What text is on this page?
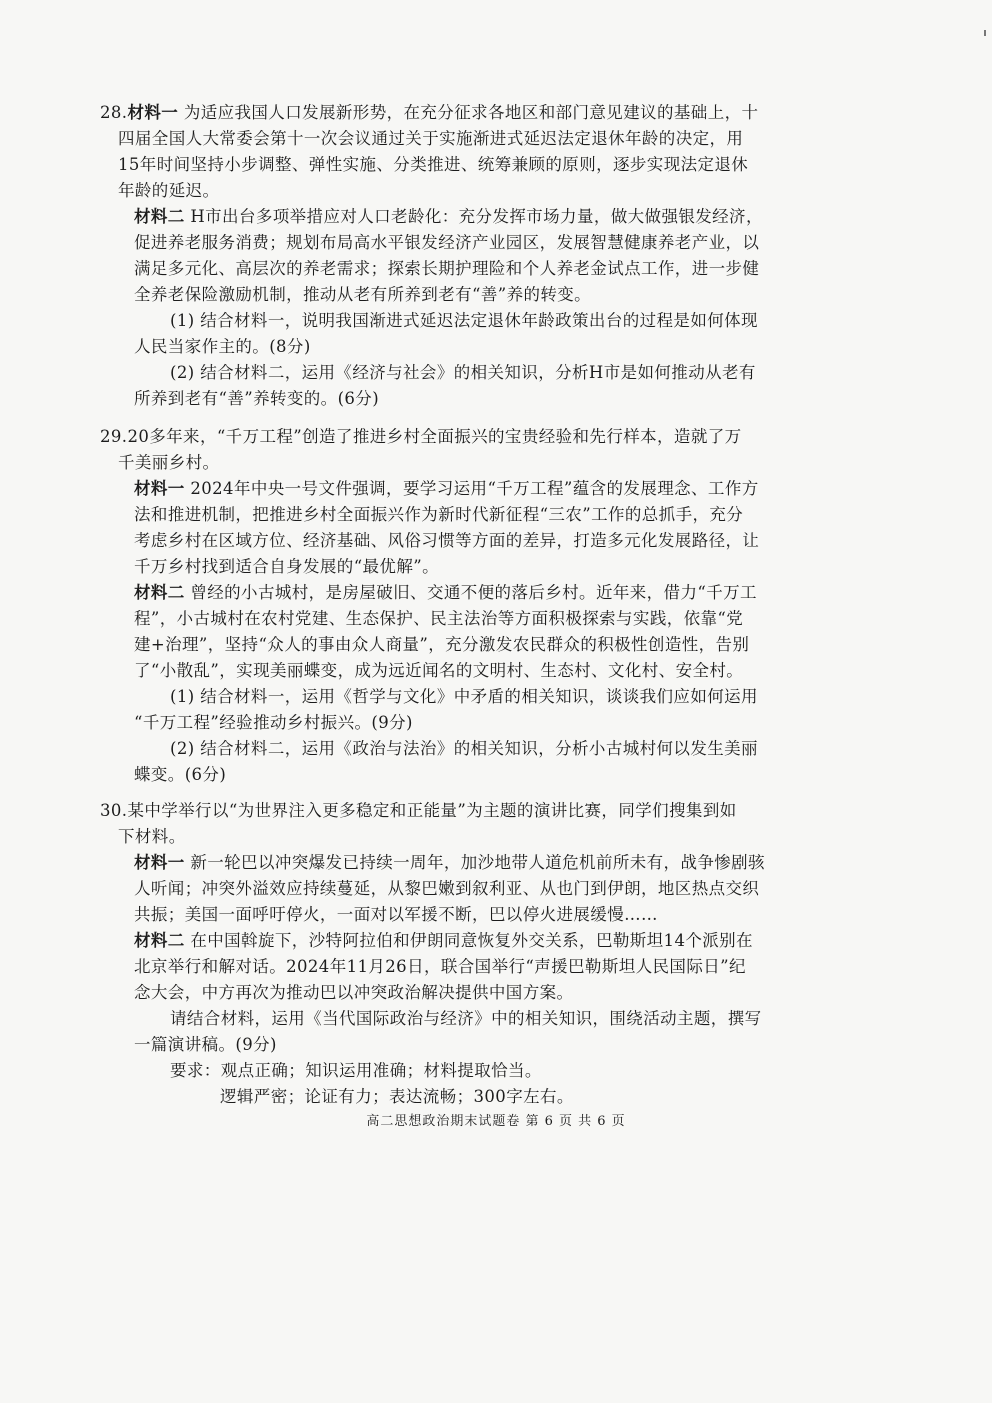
28.材料一 为适应我国人口发展新形势，在充分征求各地区和部门意见建议的基础上，十
四届全国人大常委会第十一次会议通过关于实施渐进式延迟法定退休年龄的决定，用
15年时间坚持小步调整、弹性实施、分类推进、统筹兼顾的原则，逐步实现法定退休
年龄的延迟。
材料二 H市出台多项举措应对人口老龄化：充分发挥市场力量，做大做强银发经济，
促进养老服务消费；规划布局高水平银发经济产业园区，发展智慧健康养老产业，以
满足多元化、高层次的养老需求；探索长期护理险和个人养老金试点工作，进一步健
全养老保险激励机制，推动从老有所养到老有“善”养的转变。
(1) 结合材料一，说明我国渐进式延迟法定退休年龄政策出台的过程是如何体现
人民当家作主的。(8分)
(2) 结合材料二，运用《经济与社会》的相关知识，分析H市是如何推动从老有
所养到老有“善”养转变的。(6分)
29.20多年来，“千万工程”创造了推进乡村全面振兴的宝贵经验和先行样本，造就了万
千美丽乡村。
材料一 2024年中央一号文件强调，要学习运用“千万工程”蕴含的发展理念、工作方
法和推进机制，把推进乡村全面振兴作为新时代新征程“三农”工作的总抓手，充分
考虑乡村在区域方位、经济基础、风俗习惯等方面的差异，打造多元化发展路径，让
千万乡村找到适合自身发展的“最优解”。
材料二 曾经的小古城村，是房屋破旧、交通不便的落后乡村。近年来，借力“千万工
程”，小古城村在农村党建、生态保护、民主法治等方面积极探索与实践，依靠“党
建+治理”，坚持“众人的事由众人商量”，充分激发农民群众的积极性创造性，告别
了“小散乱”，实现美丽蝶变，成为远近闻名的文明村、生态村、文化村、安全村。
(1) 结合材料一，运用《哲学与文化》中矛盾的相关知识，谈谈我们应如何运用
“千万工程”经验推动乡村振兴。(9分)
(2) 结合材料二，运用《政治与法治》的相关知识，分析小古城村何以发生美丽
蝶变。(6分)
30.某中学举行以“为世界注入更多稳定和正能量”为主题的演讲比赛，同学们搜集到如
下材料。
材料一 新一轮巴以冲突爆发已持续一周年，加沙地带人道危机前所未有，战争惨剧骇
人听闻；冲突外溢效应持续蔓延，从黎巴嫩到叙利亚、从也门到伊朗，地区热点交织
共振；美国一面呼吁停火，一面对以军援不断，巴以停火进展缓慢……
材料二 在中国斡旋下，沙特阿拉伯和伊朗同意恢复外交关系，巴勒斯坦14个派别在
北京举行和解对话。2024年11月26日，联合国举行“声援巴勒斯坦人民国际日”纪
念大会，中方再次为推动巴以冲突政治解决提供中国方案。
请结合材料，运用《当代国际政治与经济》中的相关知识，围绕活动主题，撰写
一篇演讲稿。(9分)
要求：观点正确；知识运用准确；材料提取恰当。
逻辑严密；论证有力；表达流畅；300字左右。
高二思想政治期末试题卷 第 6 页 共 6 页
